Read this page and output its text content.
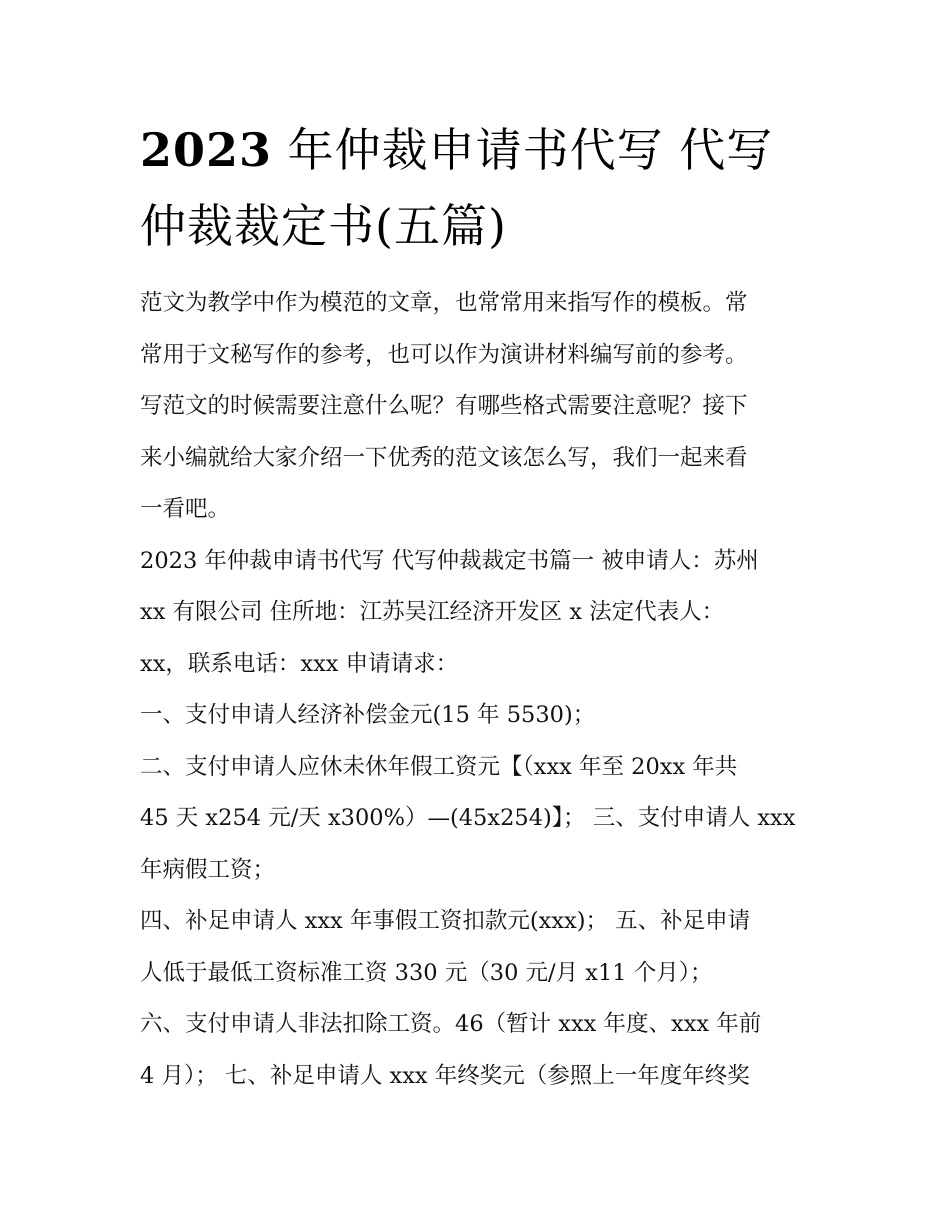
2023 年仲裁申请书代写 代写
仲裁裁定书(五篇)

范文为教学中作为模范的文章，也常常用来指写作的模板。常

常用于文秘写作的参考，也可以作为演讲材料编写前的参考。

写范文的时候需要注意什么呢？有哪些格式需要注意呢？接下

来小编就给大家介绍一下优秀的范文该怎么写，我们一起来看

一看吧。

2023 年仲裁申请书代写 代写仲裁裁定书篇一 被申请人：苏州

xx 有限公司 住所地：江苏吴江经济开发区 x 法定代表人：

xx，联系电话：xxx 申请请求：

一、支付申请人经济补偿金元(15 年 5530)；

二、支付申请人应休未休年假工资元【（xxx 年至 20xx 年共

45 天 x254 元/天 x300%）—(45x254)】； 三、支付申请人 xxx

年病假工资；

四、补足申请人 xxx 年事假工资扣款元(xxx)； 五、补足申请

人低于最低工资标准工资 330 元（30 元/月 x11 个月）；

六、支付申请人非法扣除工资。46（暂计 xxx 年度、xxx 年前

4 月）； 七、补足申请人 xxx 年终奖元（参照上一年度年终奖
